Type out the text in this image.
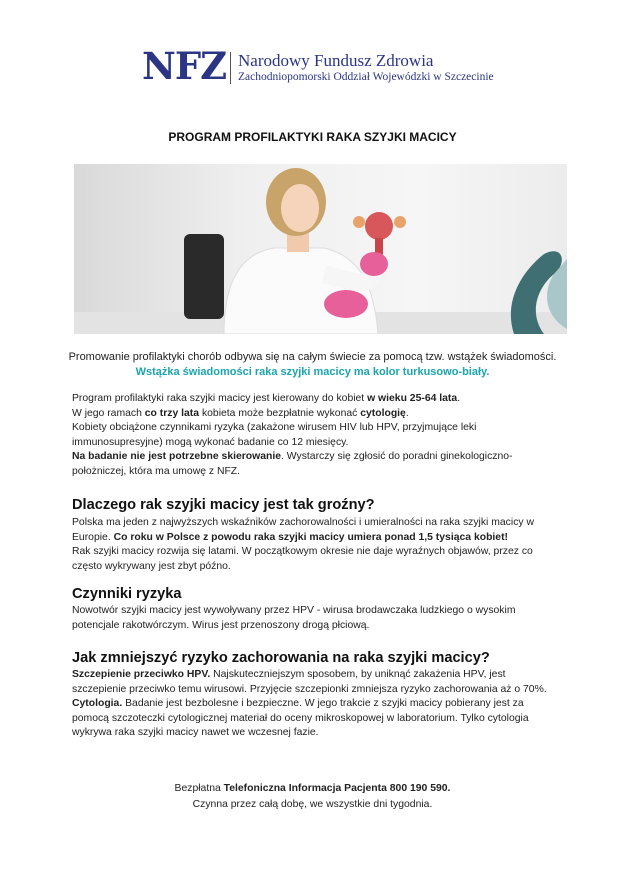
NFZ Narodowy Fundusz Zdrowia
Zachodniopomorski Oddział Wojewódzki w Szczecinie
PROGRAM PROFILAKTYKI RAKA SZYJKI MACICY
Promowanie profilaktyki chorób odbywa się na całym świecie za pomocą tzw. wstążek świadomości.
Wstążka świadomości raka szyjki macicy ma kolor turkusowo-biały.

Program profilaktyki raka szyjki macicy jest kierowany do kobiet w wieku 25-64 lata.

W jego ramach co trzy lata kobieta może bezpłatnie wykonać cytologię.

Kobiety obciążone czynnikami ryzyka (zakażone wirusem HIV lub HPV, przyjmujące leki immunosupresyjne) mogą wykonać badanie co 12 miesięcy.

Na badanie nie jest potrzebne skierowanie. Wystarczy się zgłosić do poradni ginekologiczno-położniczej, która ma umowę z NFZ.

Dlaczego rak szyjki macicy jest tak groźny?

Polska ma jeden z najwyższych wskaźników zachorowalności i umieralności na raka szyjki macicy w Europie. Co roku w Polsce z powodu raka szyjki macicy umiera ponad 1,5 tysiąca kobiet!

Rak szyjki macicy rozwija się latami. W początkowym okresie nie daje wyraźnych objawów, przez co często wykrywany jest zbyt późno.

Czynniki ryzyka

Nowotwór szyjki macicy jest wywoływany przez HPV - wirusa brodawczaka ludzkiego o wysokim potencjale rakotwórczym. Wirus jest przenoszony drogą płciową.

Jak zmniejszyć ryzyko zachorowania na raka szyjki macicy?

Szczepienie przeciwko HPV. Najskuteczniejszym sposobem, by uniknąć zakażenia HPV, jest szczepienie przeciwko temu wirusowi. Przyjęcie szczepionki zmniejsza ryzyko zachorowania aż o 70%.

Cytologia. Badanie jest bezbolesne i bezpieczne. W jego trakcie z szyjki macicy pobierany jest za pomocą szczoteczki cytologicznej materiał do oceny mikroskopowej w laboratorium. Tylko cytologia wykrywa raka szyjki macicy nawet we wczesnej fazie.

Bezpłatna Telefoniczna Informacja Pacjenta 800 190 590.
Czynna przez całą dobę, we wszystkie dni tygodnia.
